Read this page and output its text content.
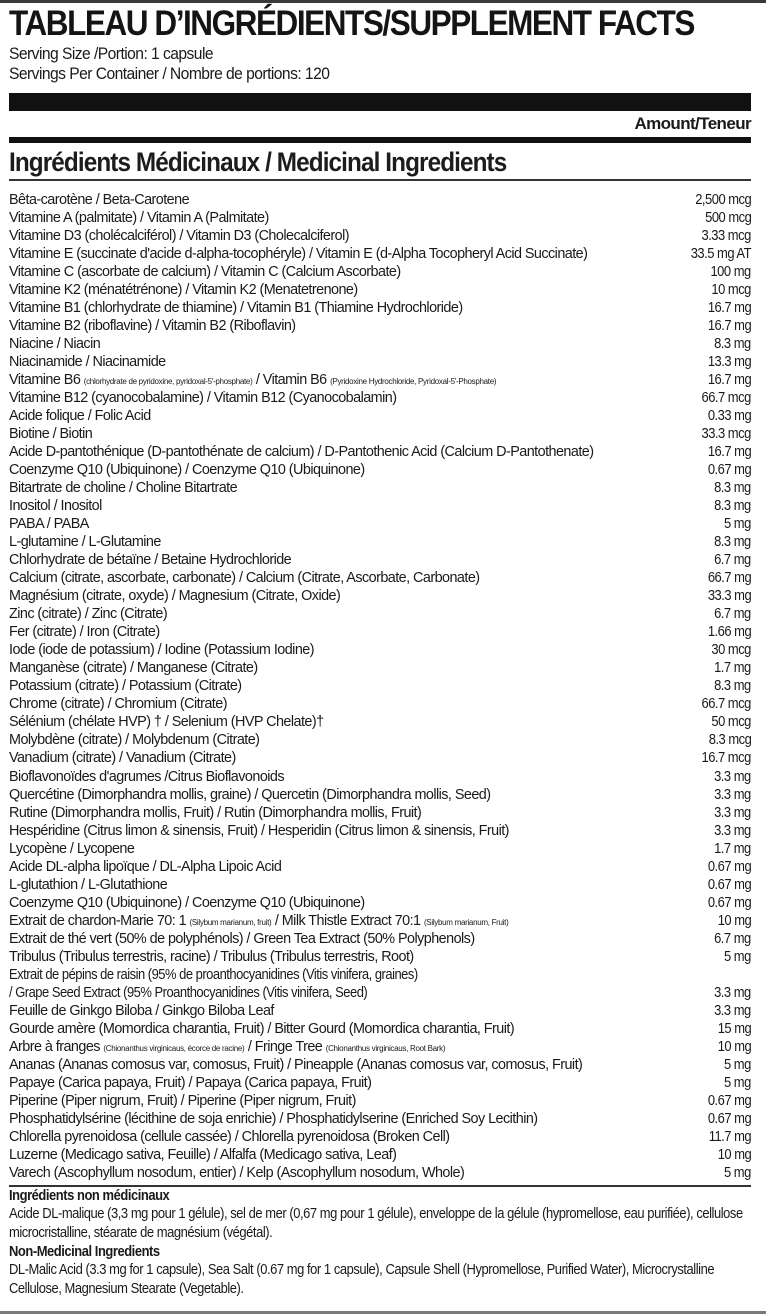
TABLEAU D’INGRÉDIENTS/SUPPLEMENT FACTS
Serving Size /Portion: 1 capsule
Servings Per Container / Nombre de portions: 120
Amount/Teneur
Ingrédients Médicinaux / Medicinal Ingredients
Bêta-carotène / Beta-Carotene	2,500 mcg
Vitamine A (palmitate) / Vitamin A (Palmitate)	500 mcg
Vitamine D3 (cholécalciférol) / Vitamin D3 (Cholecalciferol)	3.33 mcg
Vitamine E (succinate d'acide d-alpha-tocophéryle) / Vitamin E (d-Alpha Tocopheryl Acid Succinate)	33.5 mg AT
Vitamine C (ascorbate de calcium) / Vitamin C (Calcium Ascorbate)	100 mg
Vitamine K2 (ménatétrénone) / Vitamin K2 (Menatetrenone)	10 mcg
Vitamine B1 (chlorhydrate de thiamine) / Vitamin B1 (Thiamine Hydrochloride)	16.7 mg
Vitamine B2 (riboflavine) / Vitamin B2 (Riboflavin)	16.7 mg
Niacine / Niacin	8.3 mg
Niacinamide / Niacinamide	13.3 mg
Vitamine B6 (chlorhydrate de pyridoxine, pyridoxal-5'-phosphate) / Vitamin B6 (Pyridoxine Hydrochloride, Pyridoxal-5'-Phosphate)	16.7 mg
Vitamine B12 (cyanocobalamine) / Vitamin B12 (Cyanocobalamin)	66.7 mcg
Acide folique / Folic Acid	0.33 mg
Biotine / Biotin	33.3 mcg
Acide D-pantothénique (D-pantothénate de calcium) / D-Pantothenic Acid (Calcium D-Pantothenate)	16.7 mg
Coenzyme Q10 (Ubiquinone) / Coenzyme Q10 (Ubiquinone)	0.67 mg
Bitartrate de choline / Choline Bitartrate	8.3 mg
Inositol / Inositol	8.3 mg
PABA / PABA	5 mg
L-glutamine / L-Glutamine	8.3 mg
Chlorhydrate de bétaïne / Betaine Hydrochloride	6.7 mg
Calcium (citrate, ascorbate, carbonate) / Calcium (Citrate, Ascorbate, Carbonate)	66.7 mg
Magnésium (citrate, oxyde) / Magnesium (Citrate, Oxide)	33.3 mg
Zinc (citrate) / Zinc (Citrate)	6.7 mg
Fer (citrate) / Iron (Citrate)	1.66 mg
Iode (iode de potassium) / Iodine (Potassium Iodine)	30 mcg
Manganèse (citrate) / Manganese (Citrate)	1.7 mg
Potassium (citrate) / Potassium (Citrate)	8.3 mg
Chrome (citrate) / Chromium (Citrate)	66.7 mcg
Sélénium (chélate HVP) † / Selenium (HVP Chelate)†	50 mcg
Molybdène (citrate) / Molybdenum (Citrate)	8.3 mcg
Vanadium (citrate) / Vanadium (Citrate)	16.7 mcg
Bioflavonoïdes d'agrumes /Citrus Bioflavonoids	3.3 mg
Quercétine (Dimorphandra mollis, graine) / Quercetin (Dimorphandra mollis, Seed)	3.3 mg
Rutine (Dimorphandra mollis, Fruit) / Rutin (Dimorphandra mollis, Fruit)	3.3 mg
Hespéridine (Citrus limon & sinensis, Fruit) / Hesperidin (Citrus limon & sinensis, Fruit)	3.3 mg
Lycopène / Lycopene	1.7 mg
Acide DL-alpha lipoïque / DL-Alpha Lipoic Acid	0.67 mg
L-glutathion / L-Glutathione	0.67 mg
Coenzyme Q10 (Ubiquinone) / Coenzyme Q10 (Ubiquinone)	0.67 mg
Extrait de chardon-Marie 70: 1 (Silybum marianum, fruit) / Milk Thistle Extract 70:1 (Silybum marianum, Fruit)	10 mg
Extrait de thé vert (50% de polyphénols) / Green Tea Extract (50% Polyphenols)	6.7 mg
Tribulus (Tribulus terrestris, racine) / Tribulus (Tribulus terrestris, Root)	5 mg
Extrait de pépins de raisin (95% de proanthocyanidines (Vitis vinifera, graines)
/ Grape Seed Extract (95% Proanthocyanidines (Vitis vinifera, Seed)	3.3 mg
Feuille de Ginkgo Biloba / Ginkgo Biloba Leaf	3.3 mg
Gourde amère (Momordica charantia, Fruit) / Bitter Gourd (Momordica charantia, Fruit)	15 mg
Arbre à franges (Chionanthus virginicaus, écorce de racine) / Fringe Tree (Chionanthus virginicaus, Root Bark)	10 mg
Ananas (Ananas comosus var, comosus, Fruit) / Pineapple (Ananas comosus var, comosus, Fruit)	5 mg
Papaye (Carica papaya, Fruit) / Papaya (Carica papaya, Fruit)	5 mg
Piperine (Piper nigrum, Fruit) / Piperine (Piper nigrum, Fruit)	0.67 mg
Phosphatidylsérine (lécithine de soja enrichie) / Phosphatidylserine (Enriched Soy Lecithin)	0.67 mg
Chlorella pyrenoidosa (cellule cassée) / Chlorella pyrenoidosa (Broken Cell)	11.7 mg
Luzerne (Medicago sativa, Feuille) / Alfalfa (Medicago sativa, Leaf)	10 mg
Varech (Ascophyllum nosodum, entier) / Kelp (Ascophyllum nosodum, Whole)	5 mg
Ingrédients non médicinaux
Acide DL-malique (3,3 mg pour 1 gélule), sel de mer (0,67 mg pour 1 gélule), enveloppe de la gélule (hypromellose, eau purifiée), cellulose microcristalline, stéarate de magnésium (végétal).
Non-Medicinal Ingredients
DL-Malic Acid (3.3 mg for 1 capsule), Sea Salt (0.67 mg for 1 capsule), Capsule Shell (Hypromellose, Purified Water), Microcrystalline Cellulose, Magnesium Stearate (Vegetable).
